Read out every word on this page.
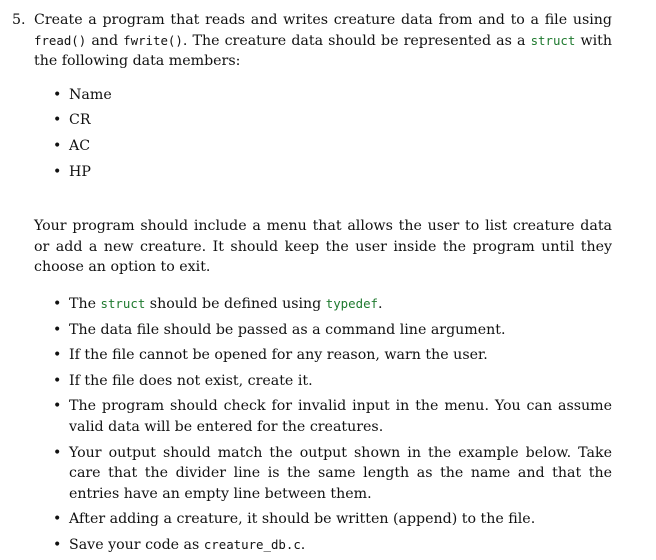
5. Create a program that reads and writes creature data from and to a file using fread() and fwrite(). The creature data should be represented as a struct with the following data members:

• Name
• CR
• AC
• HP

Your program should include a menu that allows the user to list creature data or add a new creature. It should keep the user inside the program until they choose an option to exit.

• The struct should be defined using typedef.
• The data file should be passed as a command line argument.
• If the file cannot be opened for any reason, warn the user.
• If the file does not exist, create it.
• The program should check for invalid input in the menu. You can assume valid data will be entered for the creatures.
• Your output should match the output shown in the example below. Take care that the divider line is the same length as the name and that the entries have an empty line between them.
• After adding a creature, it should be written (append) to the file.
• Save your code as creature_db.c.
